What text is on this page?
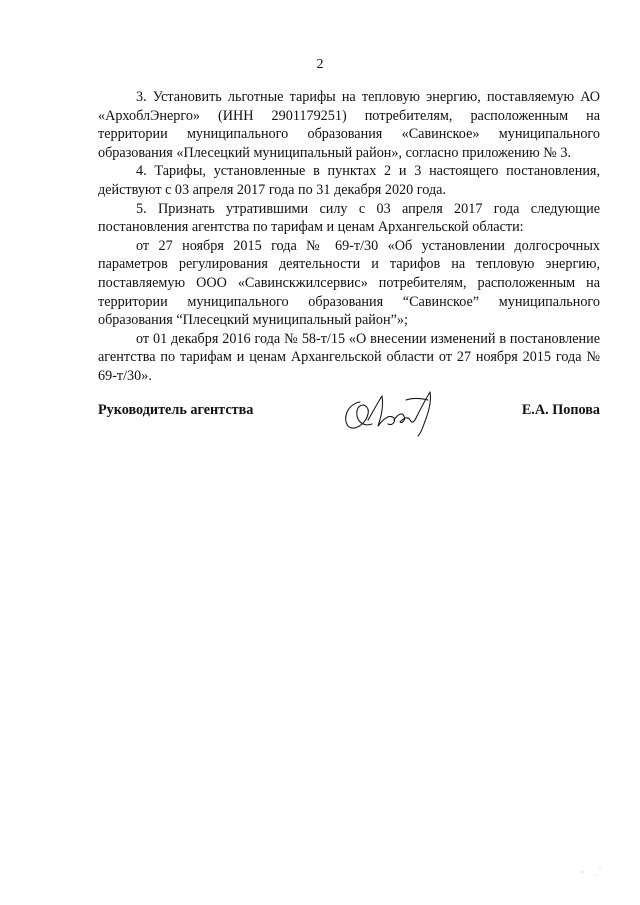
2

3. Установить льготные тарифы на тепловую энергию, поставляемую АО «АрхоблЭнерго» (ИНН 2901179251) потребителям, расположенным на территории муниципального образования «Савинское» муниципального образования «Плесецкий муниципальный район», согласно приложению № 3.

4. Тарифы, установленные в пунктах 2 и 3 настоящего постановления, действуют с 03 апреля 2017 года по 31 декабря 2020 года.

5. Признать утратившими силу с 03 апреля 2017 года следующие постановления агентства по тарифам и ценам Архангельской области:

от 27 ноября 2015 года № 69-т/30 «Об установлении долгосрочных параметров регулирования деятельности и тарифов на тепловую энергию, поставляемую ООО «Савинскжилсервис» потребителям, расположенным на территории муниципального образования “Савинское” муниципального образования “Плесецкий муниципальный район”»;

от 01 декабря 2016 года № 58-т/15 «О внесении изменений в постановление агентства по тарифам и ценам Архангельской области от 27 ноября 2015 года № 69-т/30».

Руководитель агентства	Е.А. Попова
